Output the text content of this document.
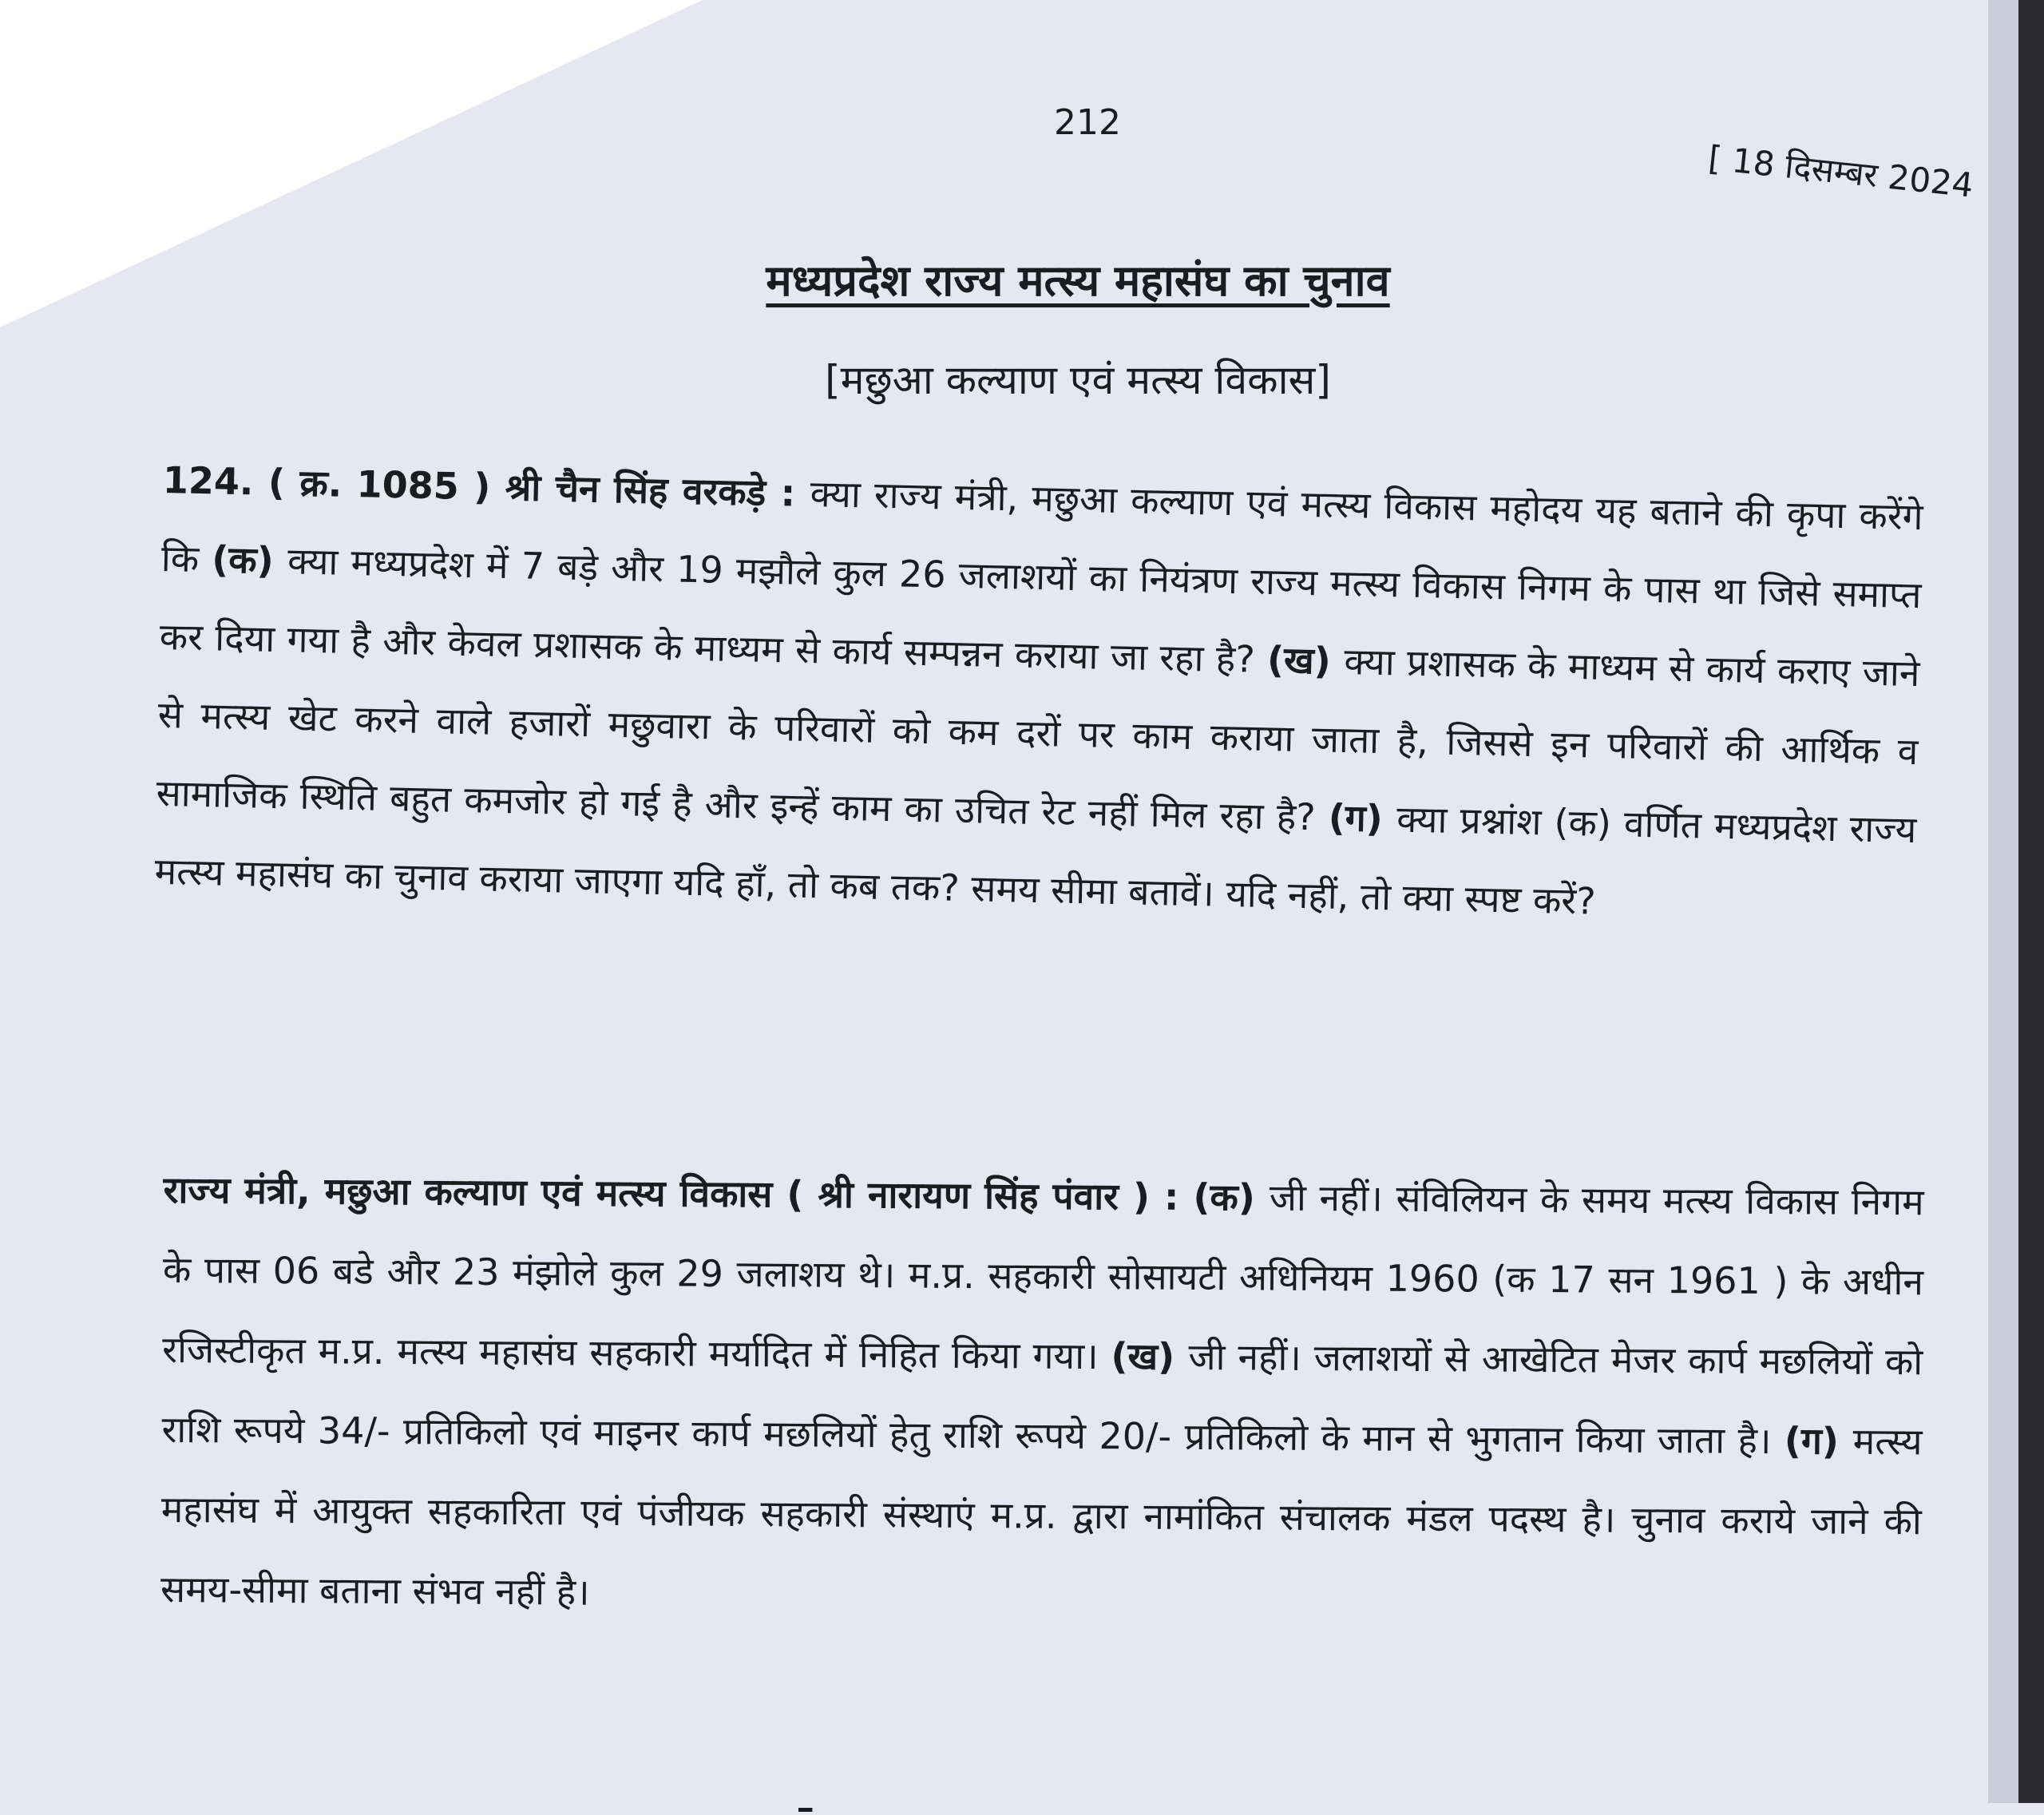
212
[ 18 दिसम्बर 2024
मध्यप्रदेश राज्य मत्स्य महासंघ का चुनाव
[मछुआ कल्याण एवं मत्स्य विकास]
124. ( क्र. 1085 ) श्री चैन सिंह वरकड़े : क्या राज्य मंत्री, मछुआ कल्याण एवं मत्स्य विकास महोदय यह बताने की कृपा करेंगे कि (क) क्या मध्यप्रदेश में 7 बड़े और 19 मझौले कुल 26 जलाशयों का नियंत्रण राज्य मत्स्य विकास निगम के पास था जिसे समाप्त कर दिया गया है और केवल प्रशासक के माध्यम से कार्य सम्पन्नन कराया जा रहा है? (ख) क्या प्रशासक के माध्यम से कार्य कराए जाने से मत्स्य खेट करने वाले हजारों मछुवारा के परिवारों को कम दरों पर काम कराया जाता है, जिससे इन परिवारों की आर्थिक व सामाजिक स्थिति बहुत कमजोर हो गई है और इन्हें काम का उचित रेट नहीं मिल रहा है? (ग) क्या प्रश्नांश (क) वर्णित मध्यप्रदेश राज्य मत्स्य महासंघ का चुनाव कराया जाएगा यदि हाँ, तो कब तक? समय सीमा बतावें। यदि नहीं, तो क्या स्पष्ट करें?
राज्य मंत्री, मछुआ कल्याण एवं मत्स्य विकास ( श्री नारायण सिंह पंवार ) : (क) जी नहीं। संविलियन के समय मत्स्य विकास निगम के पास 06 बडे और 23 मंझोले कुल 29 जलाशय थे। म.प्र. सहकारी सोसायटी अधिनियम 1960 (क 17 सन 1961 ) के अधीन रजिस्टीकृत म.प्र. मत्स्य महासंघ सहकारी मर्यादित में निहित किया गया। (ख) जी नहीं। जलाशयों से आखेटित मेजर कार्प मछलियों को राशि रूपये 34/- प्रतिकिलो एवं माइनर कार्प मछलियों हेतु राशि रूपये 20/- प्रतिकिलो के मान से भुगतान किया जाता है। (ग) मत्स्य महासंघ में आयुक्त सहकारिता एवं पंजीयक सहकारी संस्थाएं म.प्र. द्वारा नामांकित संचालक मंडल पदस्थ है। चुनाव कराये जाने की समय-सीमा बताना संभव नहीं है।
